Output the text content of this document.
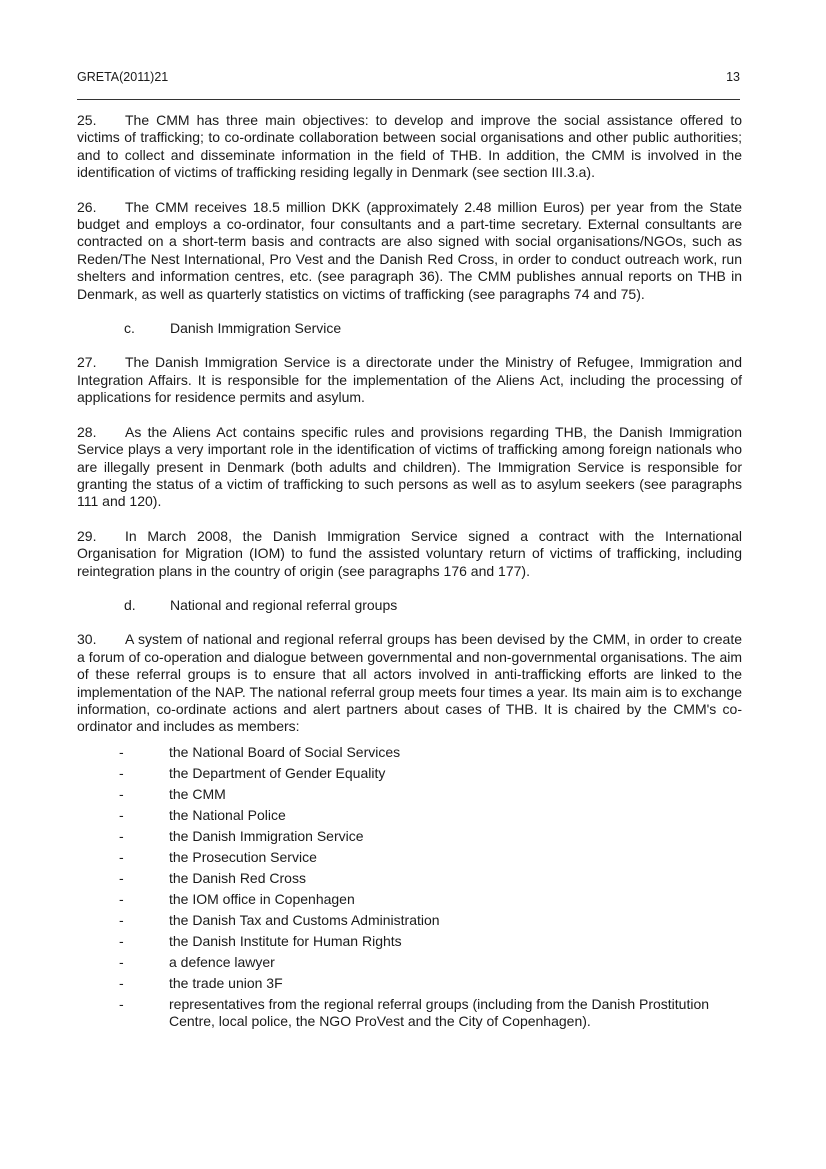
GRETA(2011)21	13

25. The CMM has three main objectives: to develop and improve the social assistance offered to victims of trafficking; to co-ordinate collaboration between social organisations and other public authorities; and to collect and disseminate information in the field of THB. In addition, the CMM is involved in the identification of victims of trafficking residing legally in Denmark (see section III.3.a).

26. The CMM receives 18.5 million DKK (approximately 2.48 million Euros) per year from the State budget and employs a co-ordinator, four consultants and a part-time secretary. External consultants are contracted on a short-term basis and contracts are also signed with social organisations/NGOs, such as Reden/The Nest International, Pro Vest and the Danish Red Cross, in order to conduct outreach work, run shelters and information centres, etc. (see paragraph 36). The CMM publishes annual reports on THB in Denmark, as well as quarterly statistics on victims of trafficking (see paragraphs 74 and 75).

c.	Danish Immigration Service

27. The Danish Immigration Service is a directorate under the Ministry of Refugee, Immigration and Integration Affairs. It is responsible for the implementation of the Aliens Act, including the processing of applications for residence permits and asylum.

28. As the Aliens Act contains specific rules and provisions regarding THB, the Danish Immigration Service plays a very important role in the identification of victims of trafficking among foreign nationals who are illegally present in Denmark (both adults and children). The Immigration Service is responsible for granting the status of a victim of trafficking to such persons as well as to asylum seekers (see paragraphs 111 and 120).

29. In March 2008, the Danish Immigration Service signed a contract with the International Organisation for Migration (IOM) to fund the assisted voluntary return of victims of trafficking, including reintegration plans in the country of origin (see paragraphs 176 and 177).

d.	National and regional referral groups

30. A system of national and regional referral groups has been devised by the CMM, in order to create a forum of co-operation and dialogue between governmental and non-governmental organisations. The aim of these referral groups is to ensure that all actors involved in anti-trafficking efforts are linked to the implementation of the NAP. The national referral group meets four times a year. Its main aim is to exchange information, co-ordinate actions and alert partners about cases of THB. It is chaired by the CMM's co-ordinator and includes as members:

-	the National Board of Social Services
-	the Department of Gender Equality
-	the CMM
-	the National Police
-	the Danish Immigration Service
-	the Prosecution Service
-	the Danish Red Cross
-	the IOM office in Copenhagen
-	the Danish Tax and Customs Administration
-	the Danish Institute for Human Rights
-	a defence lawyer
-	the trade union 3F
-	representatives from the regional referral groups (including from the Danish Prostitution Centre, local police, the NGO ProVest and the City of Copenhagen).
